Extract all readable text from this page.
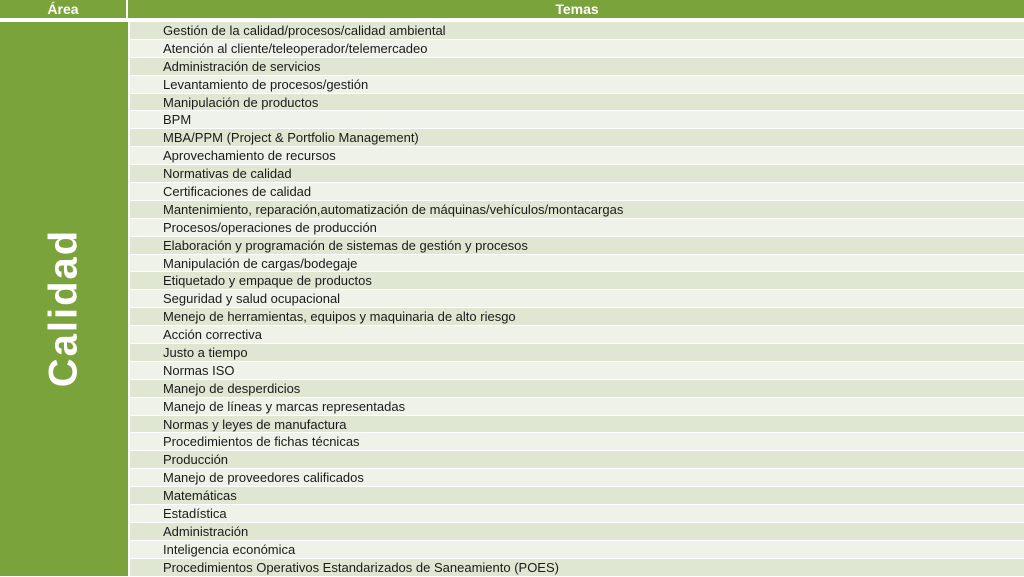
Área	Temas
Calidad
Gestión de la calidad/procesos/calidad ambiental
Atención al cliente/teleoperador/telemercadeo
Administración de servicios
Levantamiento de procesos/gestión
Manipulación de productos
BPM
MBA/PPM (Project & Portfolio Management)
Aprovechamiento de recursos
Normativas de calidad
Certificaciones de calidad
Mantenimiento, reparación,automatización de máquinas/vehículos/montacargas
Procesos/operaciones de producción
Elaboración y programación de sistemas de gestión y procesos
Manipulación de cargas/bodegaje
Etiquetado y empaque de productos
Seguridad y salud ocupacional
Menejo de herramientas, equipos y maquinaria de alto riesgo
Acción correctiva
Justo a tiempo
Normas ISO
Manejo de desperdicios
Manejo de líneas y marcas representadas
Normas y leyes de manufactura
Procedimientos de fichas técnicas
Producción
Manejo de proveedores calificados
Matemáticas
Estadística
Administración
Inteligencia económica
Procedimientos Operativos Estandarizados de Saneamiento (POES)
